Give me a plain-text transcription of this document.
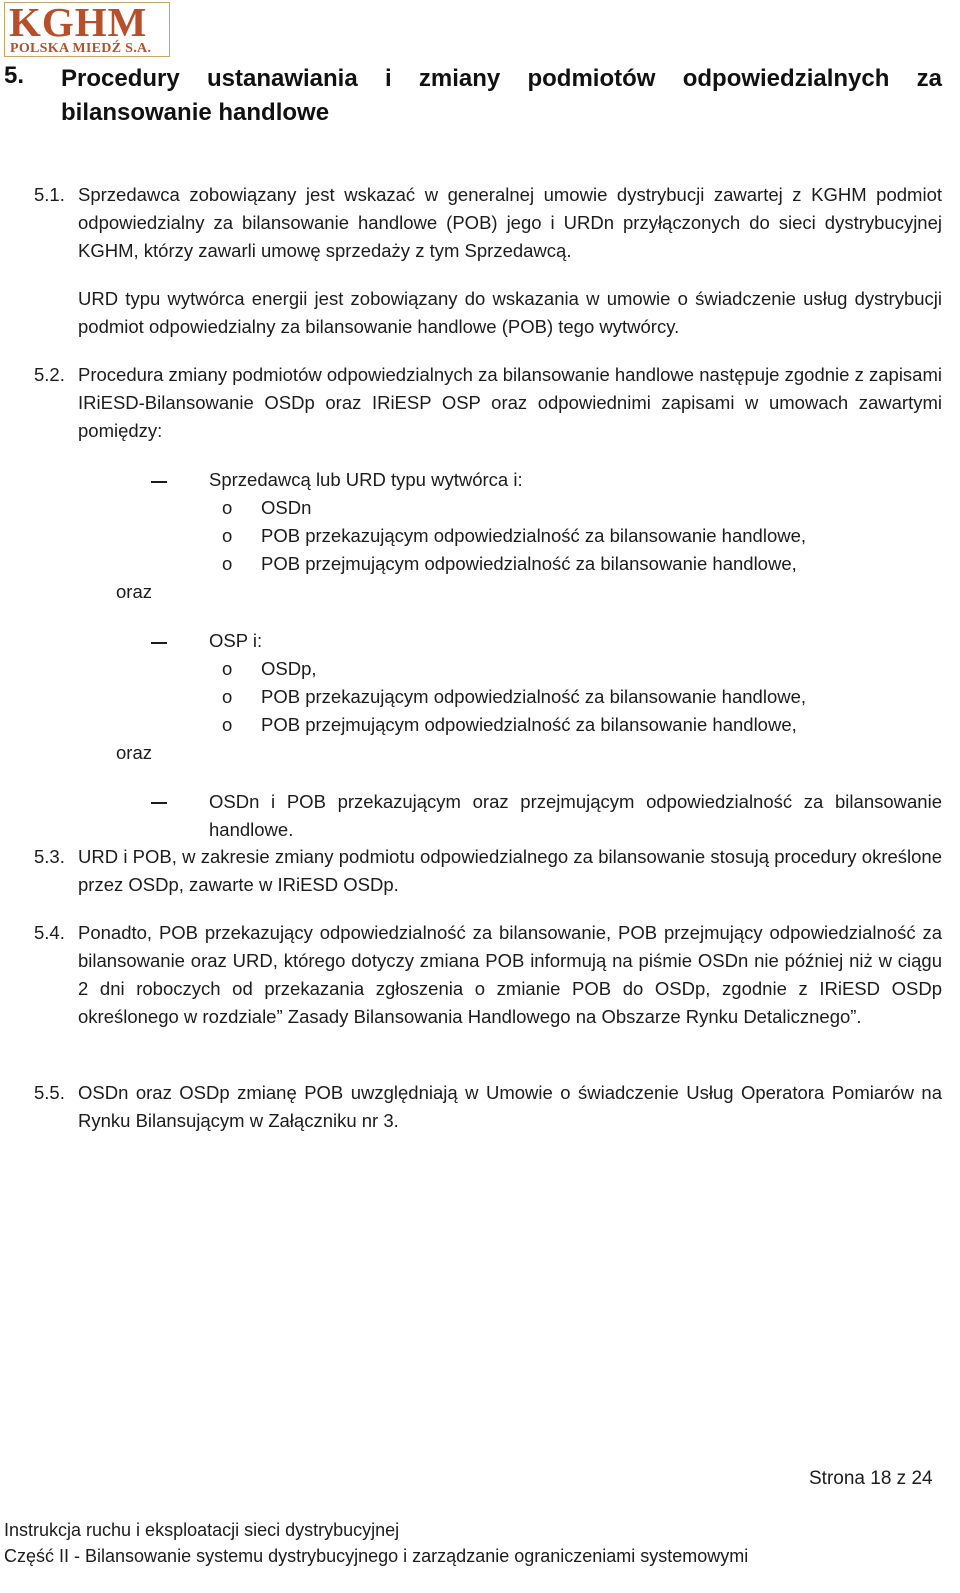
KGHM
POLSKA MIEDŹ S.A.
5. Procedury ustanawiania i zmiany podmiotów odpowiedzialnych za bilansowanie handlowe
5.1. Sprzedawca zobowiązany jest wskazać w generalnej umowie dystrybucji zawartej z KGHM podmiot odpowiedzialny za bilansowanie handlowe (POB) jego i URDn przyłączonych do sieci dystrybucyjnej KGHM, którzy zawarli umowę sprzedaży z tym Sprzedawcą.
URD typu wytwórca energii jest zobowiązany do wskazania w umowie o świadczenie usług dystrybucji podmiot odpowiedzialny za bilansowanie handlowe (POB) tego wytwórcy.
5.2. Procedura zmiany podmiotów odpowiedzialnych za bilansowanie handlowe następuje zgodnie z zapisami IRiESD-Bilansowanie OSDp oraz IRiESP OSP oraz odpowiednimi zapisami w umowach zawartymi pomiędzy:
Sprzedawcą lub URD typu wytwórca i:
o OSDn
o POB przekazującym odpowiedzialność za bilansowanie handlowe,
o POB przejmującym odpowiedzialność za bilansowanie handlowe,
oraz
OSP i:
o OSDp,
o POB przekazującym odpowiedzialność za bilansowanie handlowe,
o POB przejmującym odpowiedzialność za bilansowanie handlowe,
oraz
OSDn i POB przekazującym oraz przejmującym odpowiedzialność za bilansowanie handlowe.
5.3. URD i POB, w zakresie zmiany podmiotu odpowiedzialnego za bilansowanie stosują procedury określone przez OSDp, zawarte w IRiESD OSDp.
5.4. Ponadto, POB przekazujący odpowiedzialność za bilansowanie, POB przejmujący odpowiedzialność za bilansowanie oraz URD, którego dotyczy zmiana POB informują na piśmie OSDn nie później niż w ciągu 2 dni roboczych od przekazania zgłoszenia o zmianie POB do OSDp, zgodnie z IRiESD OSDp określonego w rozdziale” Zasady Bilansowania Handlowego na Obszarze Rynku Detalicznego”.
5.5. OSDn oraz OSDp zmianę POB uwzględniają w Umowie o świadczenie Usług Operatora Pomiarów na Rynku Bilansującym w Załączniku nr 3.
Strona 18 z 24
Instrukcja ruchu i eksploatacji sieci dystrybucyjnej
Część II - Bilansowanie systemu dystrybucyjnego i zarządzanie ograniczeniami systemowymi
